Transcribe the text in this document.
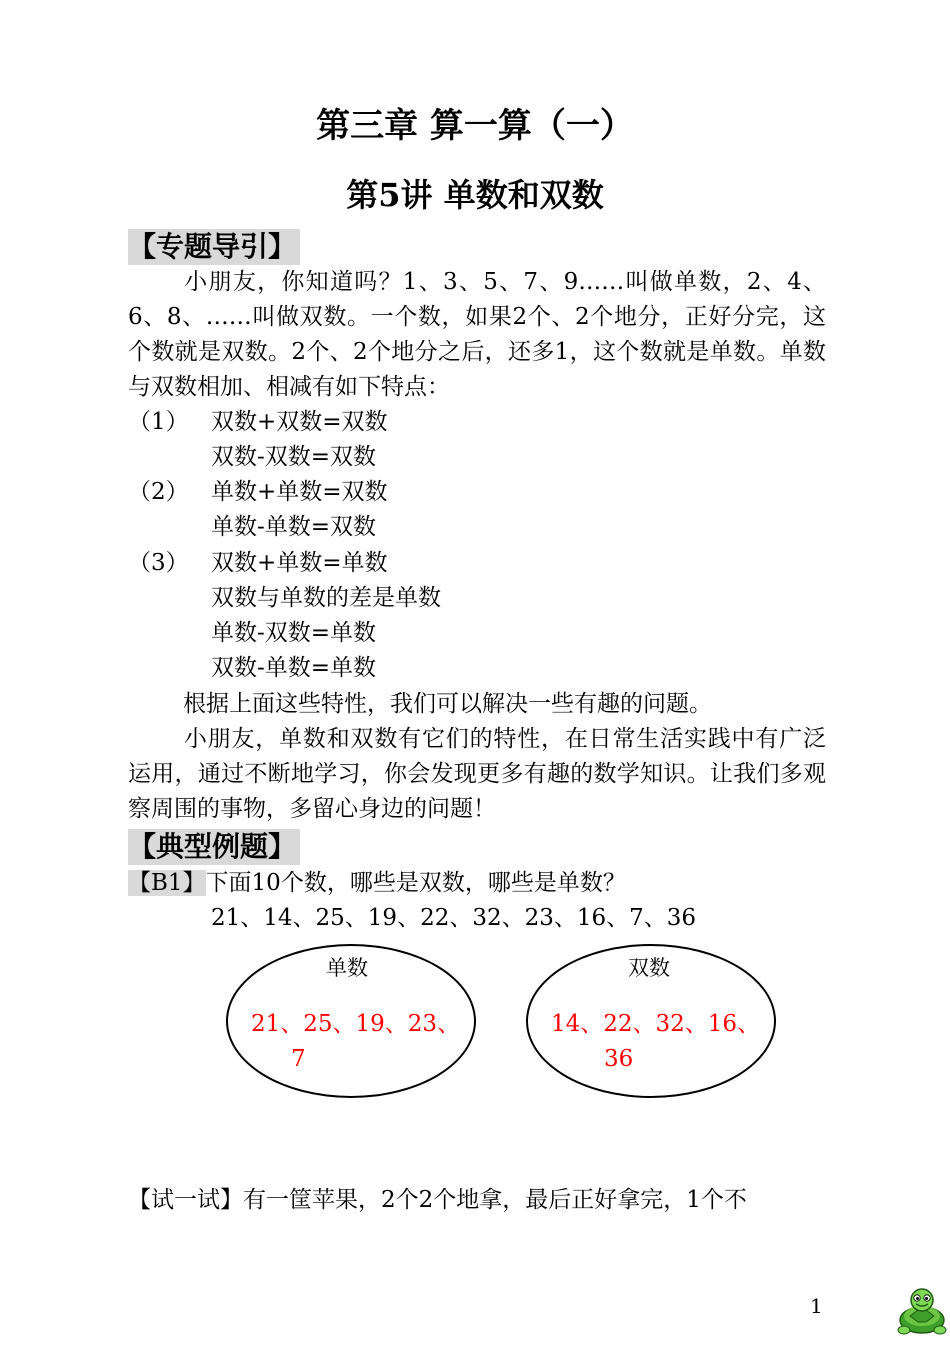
第三章 算一算（一）
第5讲 单数和双数
【专题导引】
小朋友，你知道吗？1、3、5、7、9……叫做单数，2、4、6、8、……叫做双数。一个数，如果2个、2个地分，正好分完，这个数就是双数。2个、2个地分之后，还多1，这个数就是单数。单数与双数相加、相减有如下特点：
（1） 双数+双数=双数
双数-双数=双数
（2） 单数+单数=双数
单数-单数=双数
（3） 双数+单数=单数
双数与单数的差是单数
单数-双数=单数
双数-单数=单数
根据上面这些特性，我们可以解决一些有趣的问题。
小朋友，单数和双数有它们的特性，在日常生活实践中有广泛运用，通过不断地学习，你会发现更多有趣的数学知识。让我们多观察周围的事物，多留心身边的问题！
【典型例题】
【B1】下面10个数，哪些是双数，哪些是单数？
21、14、25、19、22、32、23、16、7、36
单数
21、25、19、23、
7
双数
14、22、32、16、
36
【试一试】有一筐苹果，2个2个地拿，最后正好拿完，1个不
1
